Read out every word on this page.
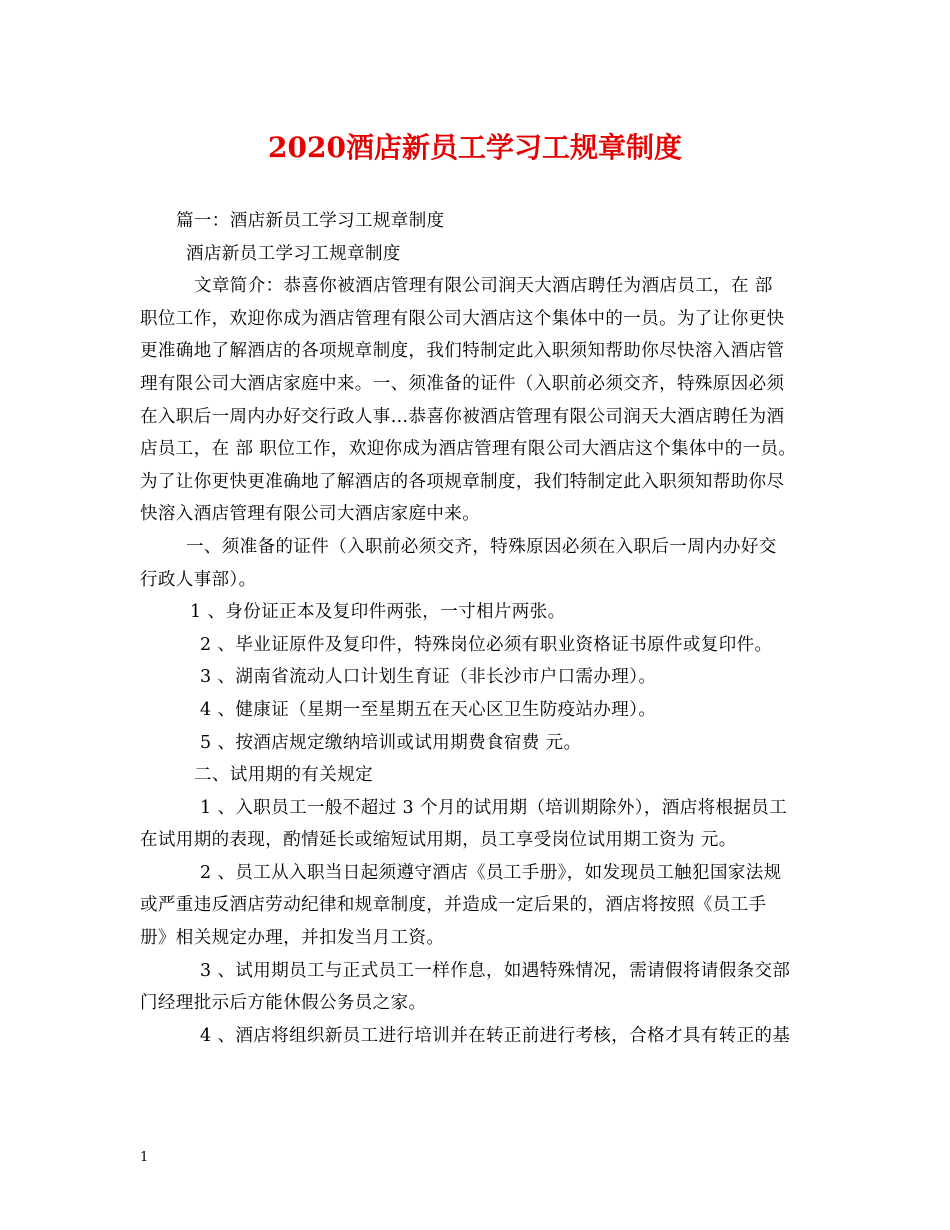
2020酒店新员工学习工规章制度
篇一：酒店新员工学习工规章制度
酒店新员工学习工规章制度
文章简介：恭喜你被酒店管理有限公司润天大酒店聘任为酒店员工，在 部
职位工作，欢迎你成为酒店管理有限公司大酒店这个集体中的一员。为了让你更快
更准确地了解酒店的各项规章制度，我们特制定此入职须知帮助你尽快溶入酒店管
理有限公司大酒店家庭中来。一、须准备的证件（入职前必须交齐，特殊原因必须
在入职后一周内办好交行政人事…恭喜你被酒店管理有限公司润天大酒店聘任为酒
店员工，在 部 职位工作，欢迎你成为酒店管理有限公司大酒店这个集体中的一员。
为了让你更快更准确地了解酒店的各项规章制度，我们特制定此入职须知帮助你尽
快溶入酒店管理有限公司大酒店家庭中来。
一、须准备的证件（入职前必须交齐，特殊原因必须在入职后一周内办好交
行政人事部）。
1 、身份证正本及复印件两张，一寸相片两张。
2 、毕业证原件及复印件，特殊岗位必须有职业资格证书原件或复印件。
3 、湖南省流动人口计划生育证（非长沙市户口需办理）。
4 、健康证（星期一至星期五在天心区卫生防疫站办理）。
5 、按酒店规定缴纳培训或试用期费食宿费 元。
二、试用期的有关规定
1 、入职员工一般不超过 3 个月的试用期（培训期除外），酒店将根据员工
在试用期的表现，酌情延长或缩短试用期，员工享受岗位试用期工资为 元。
2 、员工从入职当日起须遵守酒店《员工手册》，如发现员工触犯国家法规
或严重违反酒店劳动纪律和规章制度，并造成一定后果的，酒店将按照《员工手
册》相关规定办理，并扣发当月工资。
3 、试用期员工与正式员工一样作息，如遇特殊情况，需请假将请假条交部
门经理批示后方能休假公务员之家。
4 、酒店将组织新员工进行培训并在转正前进行考核，合格才具有转正的基
1
